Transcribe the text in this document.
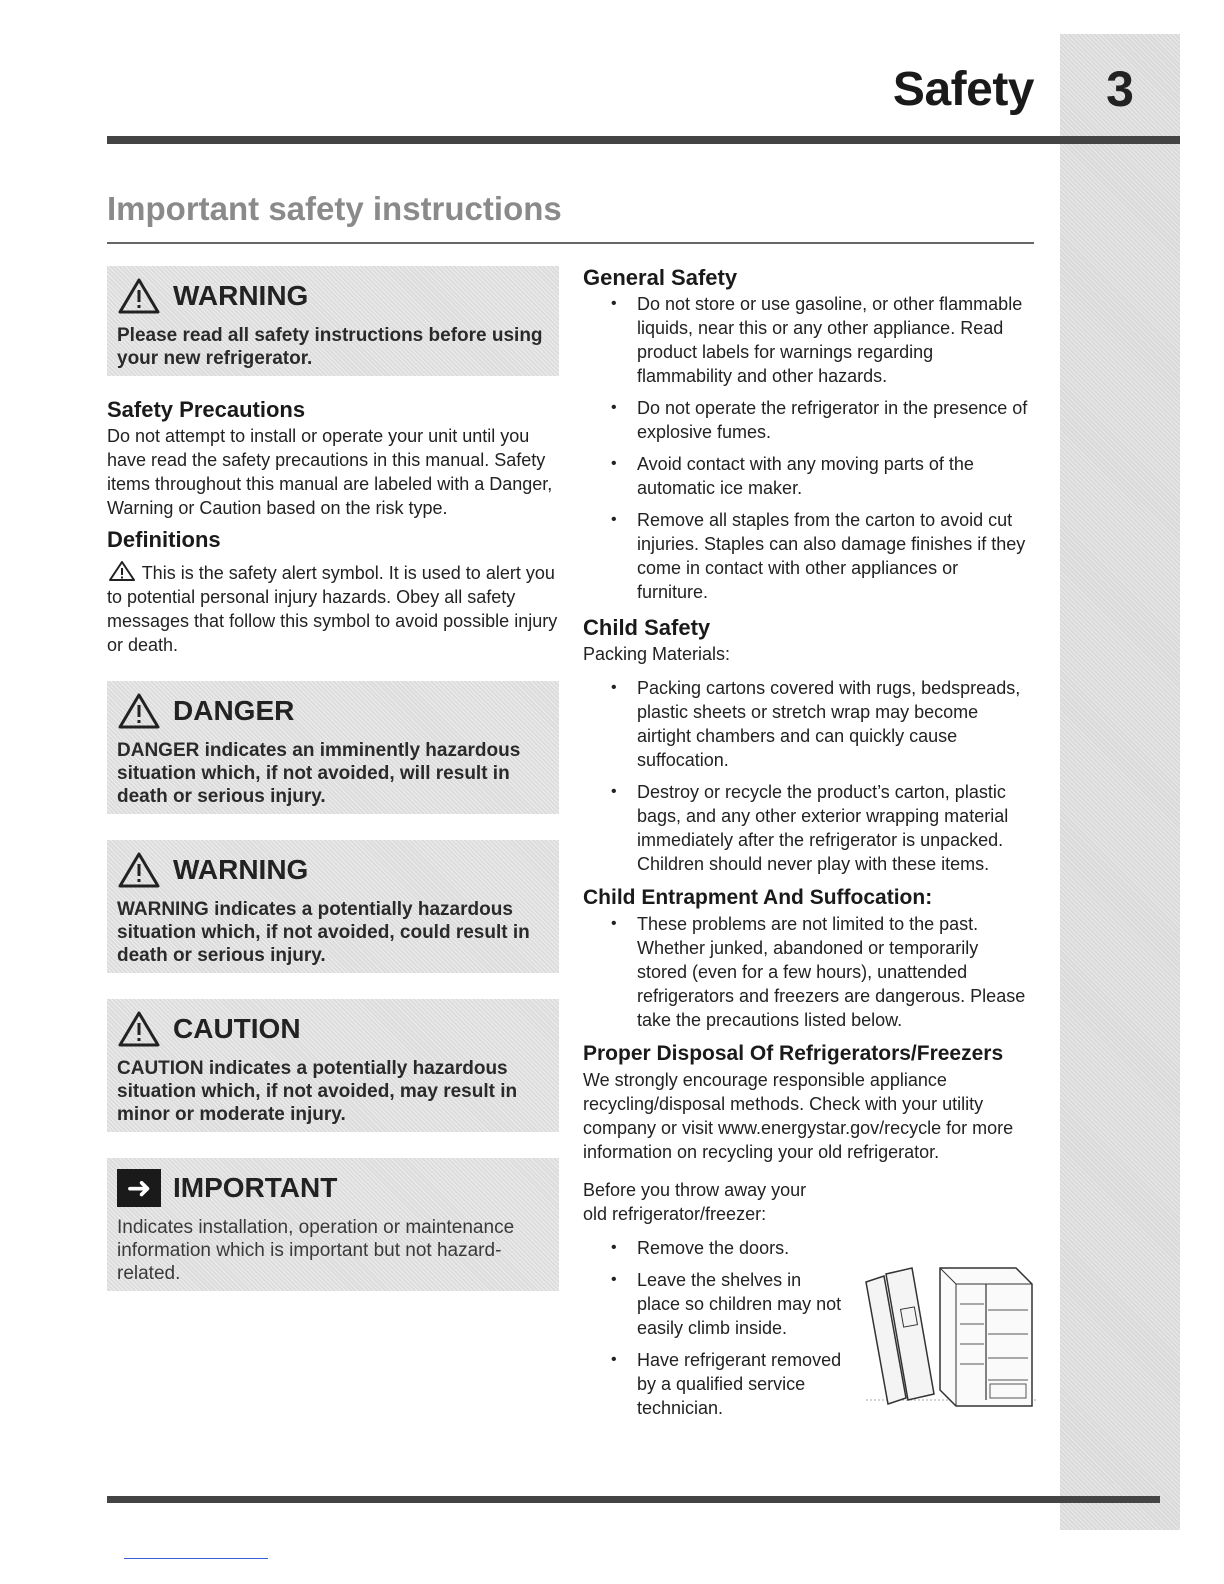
3
Safety
Important safety instructions
WARNING
Please read all safety instructions before using your new refrigerator.
Safety Precautions

Do not attempt to install or operate your unit until you have read the safety precautions in this manual. Safety items throughout this manual are labeled with a Danger, Warning or Caution based on the risk type.

Definitions

This is the safety alert symbol. It is used to alert you to potential personal injury hazards. Obey all safety messages that follow this symbol to avoid possible injury or death.

DANGER
DANGER indicates an imminently hazardous situation which, if not avoided, will result in death or serious injury.
WARNING
WARNING indicates a potentially hazardous situation which, if not avoided, could result in death or serious injury.
CAUTION
CAUTION indicates a potentially hazardous situation which, if not avoided, may result in minor or moderate injury.
➜ IMPORTANT
Indicates installation, operation or maintenance information which is important but not hazard-related.
General Safety
• Do not store or use gasoline, or other flammable liquids, near this or any other appliance. Read product labels for warnings regarding flammability and other hazards.
• Do not operate the refrigerator in the presence of explosive fumes.
• Avoid contact with any moving parts of the automatic ice maker.
• Remove all staples from the carton to avoid cut injuries. Staples can also damage finishes if they come in contact with other appliances or furniture.
Child Safety

Packing Materials:

• Packing cartons covered with rugs, bedspreads, plastic sheets or stretch wrap may become airtight chambers and can quickly cause suffocation.
• Destroy or recycle the product’s carton, plastic bags, and any other exterior wrapping material immediately after the refrigerator is unpacked. Children should never play with these items.
Child Entrapment And Suffocation:
• These problems are not limited to the past. Whether junked, abandoned or temporarily stored (even for a few hours), unattended refrigerators and freezers are dangerous. Please take the precautions listed below.
Proper Disposal Of Refrigerators/Freezers

We strongly encourage responsible appliance recycling/disposal methods. Check with your utility company or visit www.energystar.gov/recycle for more information on recycling your old refrigerator.

Before you throw away your old refrigerator/freezer:

• Remove the doors.
• Leave the shelves in place so children may not easily climb inside.
• Have refrigerant removed by a qualified service technician.
